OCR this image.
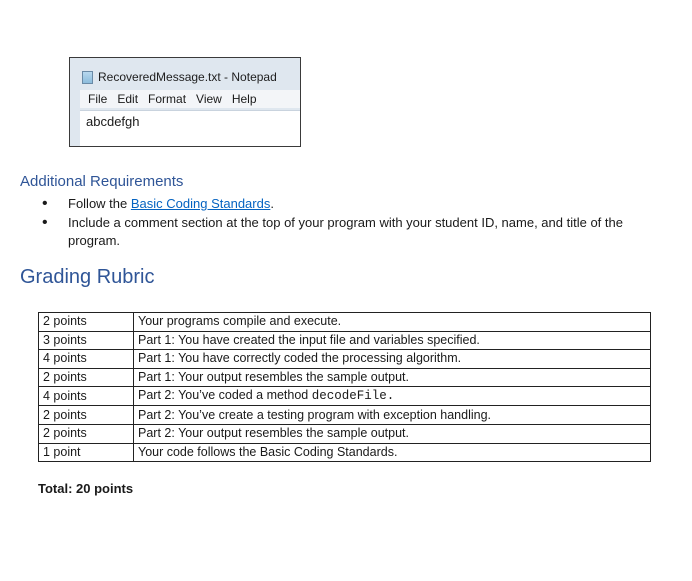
RecoveredMessage.txt - Notepad
File Edit Format View Help
abcdefgh
Additional Requirements
• Follow the Basic Coding Standards.
• Include a comment section at the top of your program with your student ID, name, and title of the program.
Grading Rubric
2 points	Your programs compile and execute.
3 points	Part 1: You have created the input file and variables specified.
4 points	Part 1: You have correctly coded the processing algorithm.
2 points	Part 1: Your output resembles the sample output.
4 points	Part 2: You’ve coded a method decodeFile.
2 points	Part 2: You’ve create a testing program with exception handling.
2 points	Part 2: Your output resembles the sample output.
1 point	Your code follows the Basic Coding Standards.
Total: 20 points
